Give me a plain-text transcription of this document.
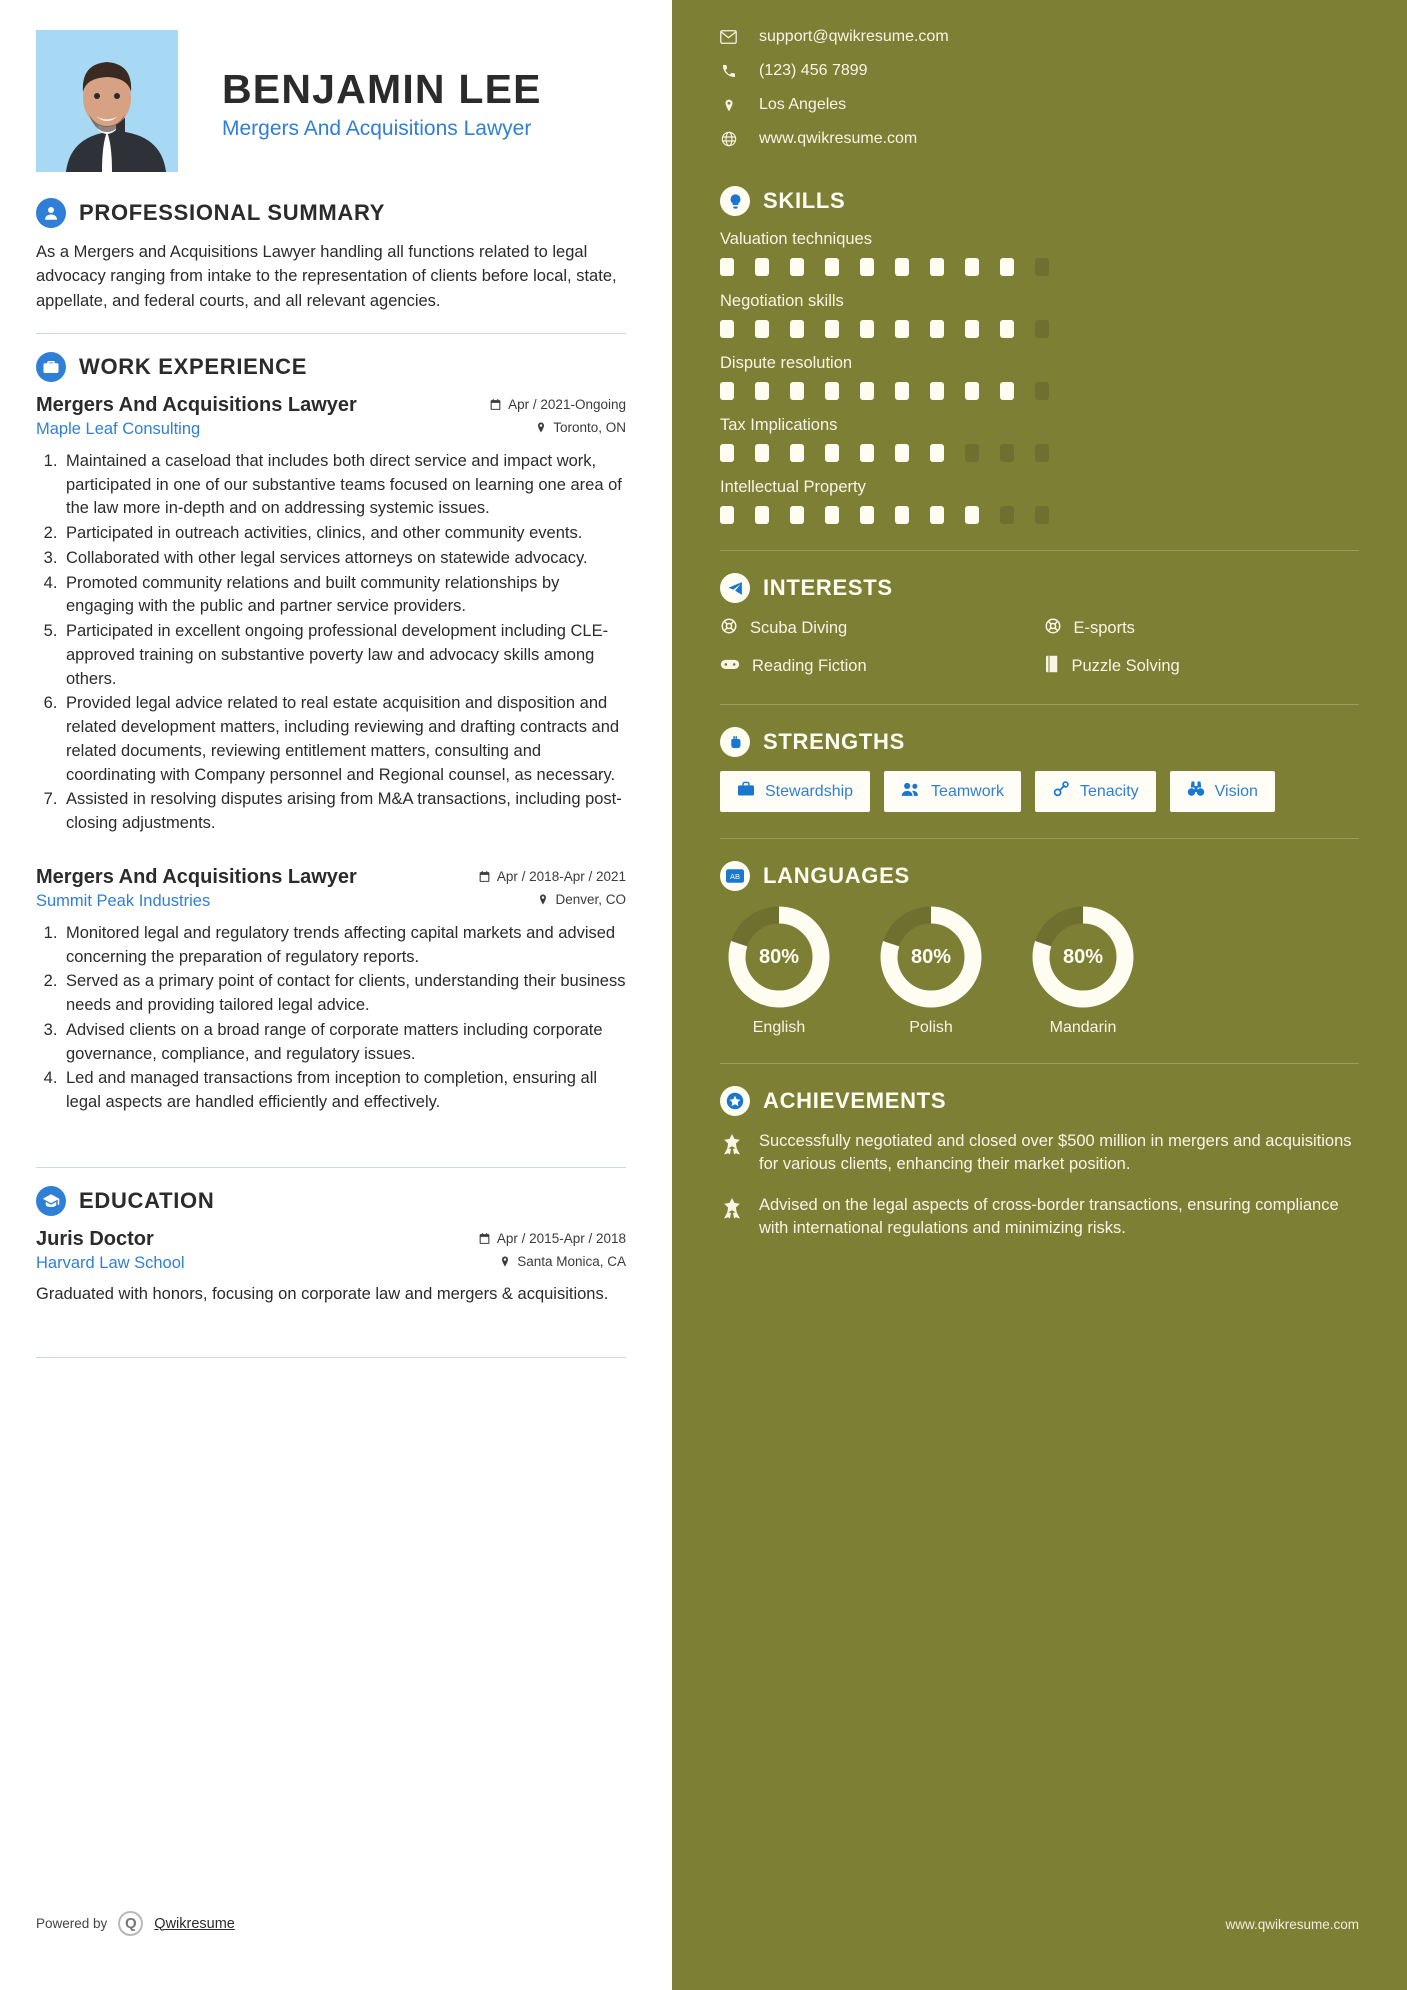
BENJAMIN LEE
Mergers And Acquisitions Lawyer
PROFESSIONAL SUMMARY
As a Mergers and Acquisitions Lawyer handling all functions related to legal advocacy ranging from intake to the representation of clients before local, state, appellate, and federal courts, and all relevant agencies.
WORK EXPERIENCE
Mergers And Acquisitions Lawyer	Apr / 2021-Ongoing
Maple Leaf Consulting	Toronto, ON
1. Maintained a caseload that includes both direct service and impact work, participated in one of our substantive teams focused on learning one area of the law more in-depth and on addressing systemic issues.
2. Participated in outreach activities, clinics, and other community events.
3. Collaborated with other legal services attorneys on statewide advocacy.
4. Promoted community relations and built community relationships by engaging with the public and partner service providers.
5. Participated in excellent ongoing professional development including CLE-approved training on substantive poverty law and advocacy skills among others.
6. Provided legal advice related to real estate acquisition and disposition and related development matters, including reviewing and drafting contracts and related documents, reviewing entitlement matters, consulting and coordinating with Company personnel and Regional counsel, as necessary.
7. Assisted in resolving disputes arising from M&A transactions, including post-closing adjustments.
Mergers And Acquisitions Lawyer	Apr / 2018-Apr / 2021
Summit Peak Industries	Denver, CO
1. Monitored legal and regulatory trends affecting capital markets and advised concerning the preparation of regulatory reports.
2. Served as a primary point of contact for clients, understanding their business needs and providing tailored legal advice.
3. Advised clients on a broad range of corporate matters including corporate governance, compliance, and regulatory issues.
4. Led and managed transactions from inception to completion, ensuring all legal aspects are handled efficiently and effectively.
EDUCATION
Juris Doctor	Apr / 2015-Apr / 2018
Harvard Law School	Santa Monica, CA
Graduated with honors, focusing on corporate law and mergers & acquisitions.
Powered by	Q	Qwikresume
support@qwikresume.com
(123) 456 7899
Los Angeles
www.qwikresume.com
SKILLS
Valuation techniques
Negotiation skills
Dispute resolution
Tax Implications
Intellectual Property
INTERESTS
Scuba Diving	E-sports
Reading Fiction	Puzzle Solving
STRENGTHS
Stewardship	Teamwork	Tenacity	Vision
AB LANGUAGES
80%
English
80%
Polish
80%
Mandarin
ACHIEVEMENTS
Successfully negotiated and closed over $500 million in mergers and acquisitions for various clients, enhancing their market position.
Advised on the legal aspects of cross-border transactions, ensuring compliance with international regulations and minimizing risks.
www.qwikresume.com
